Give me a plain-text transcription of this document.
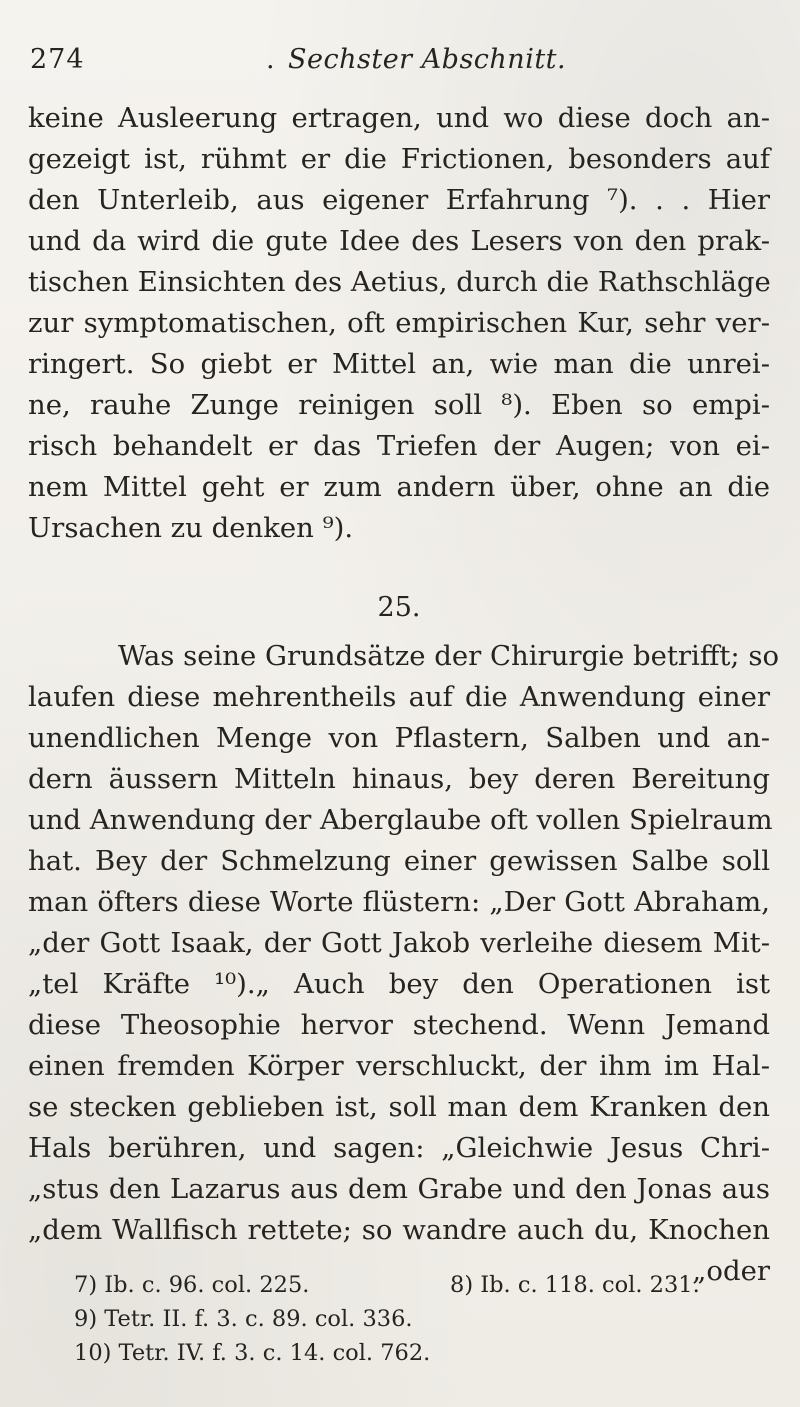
274	. Sechster Abschnitt.
keine Ausleerung ertragen, und wo diese doch an-
gezeigt ist, rühmt er die Frictionen, besonders auf
den Unterleib, aus eigener Erfahrung ⁷). . . Hier
und da wird die gute Idee des Lesers von den prak-
tischen Einsichten des Aetius, durch die Rathschläge
zur symptomatischen, oft empirischen Kur, sehr ver-
ringert. So giebt er Mittel an, wie man die unrei-
ne, rauhe Zunge reinigen soll ⁸). Eben so empi-
risch behandelt er das Triefen der Augen; von ei-
nem Mittel geht er zum andern über, ohne an die
Ursachen zu denken ⁹).
25.
Was seine Grundsätze der Chirurgie betrifft; so
laufen diese mehrentheils auf die Anwendung einer
unendlichen Menge von Pflastern, Salben und an-
dern äussern Mitteln hinaus, bey deren Bereitung
und Anwendung der Aberglaube oft vollen Spielraum
hat. Bey der Schmelzung einer gewissen Salbe soll
man öfters diese Worte flüstern: „Der Gott Abraham,
„der Gott Isaak, der Gott Jakob verleihe diesem Mit-
„tel Kräfte ¹⁰).„ Auch bey den Operationen ist
diese Theosophie hervor stechend. Wenn Jemand
einen fremden Körper verschluckt, der ihm im Hal-
se stecken geblieben ist, soll man dem Kranken den
Hals berühren, und sagen: „Gleichwie Jesus Chri-
„stus den Lazarus aus dem Grabe und den Jonas aus
„dem Wallfisch rettete; so wandre auch du, Knochen
„oder
7) Ib. c. 96. col. 225.	8) Ib. c. 118. col. 231.
9) Tetr. II. f. 3. c. 89. col. 336.
10) Tetr. IV. f. 3. c. 14. col. 762.
